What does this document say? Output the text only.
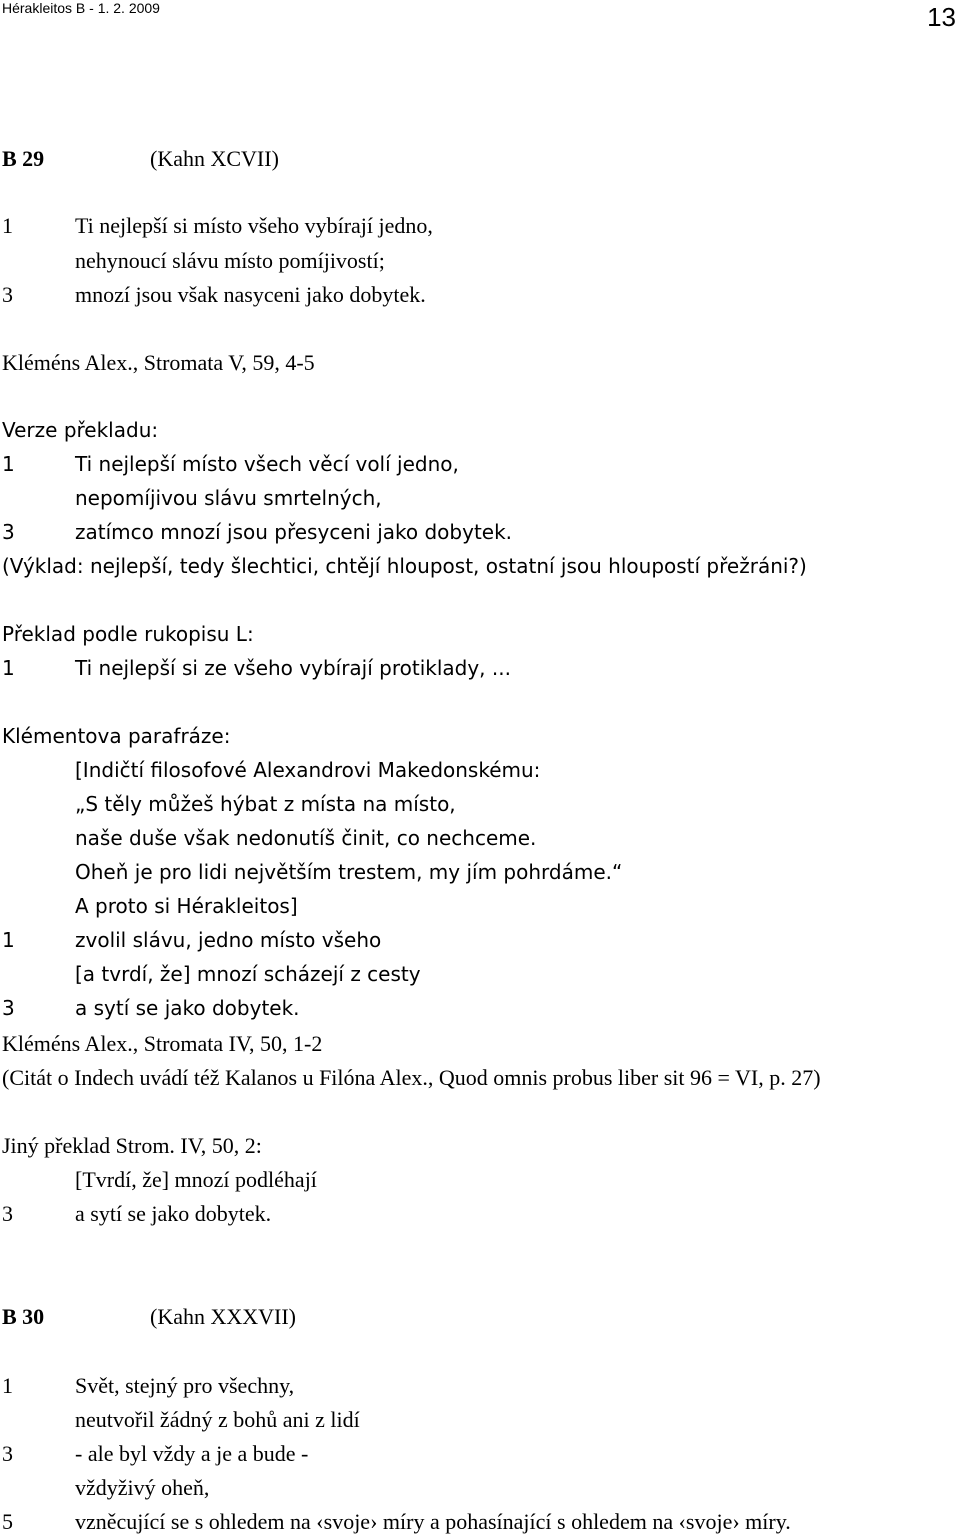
Hérakleitos B - 1. 2. 2009	13
B 29	(Kahn XCVII)
1	Ti nejlepší si místo všeho vybírají jedno,
nehynoucí slávu místo pomíjivostí;
3	mnozí jsou však nasyceni jako dobytek.
Kléméns Alex., Stromata V, 59, 4-5
Verze překladu:
1	Ti nejlepší místo všech věcí volí jedno,
nepomíjivou slávu smrtelných,
3	zatímco mnozí jsou přesyceni jako dobytek.
(Výklad: nejlepší, tedy šlechtici, chtějí hloupost, ostatní jsou hloupostí přežráni?)
Překlad podle rukopisu L:
1	Ti nejlepší si ze všeho vybírají protiklady, ...
Klémentova parafráze:
[Indičtí filosofové Alexandrovi Makedonskému:
„S těly můžeš hýbat z místa na místo,
naše duše však nedonutíš činit, co nechceme.
Oheň je pro lidi největším trestem, my jím pohrdáme.“
A proto si Hérakleitos]
1	zvolil slávu, jedno místo všeho
[a tvrdí, že] mnozí scházejí z cesty
3	a sytí se jako dobytek.
Kléméns Alex., Stromata IV, 50, 1-2
(Citát o Indech uvádí též Kalanos u Filóna Alex., Quod omnis probus liber sit 96 = VI, p. 27)
Jiný překlad Strom. IV, 50, 2:
[Tvrdí, že] mnozí podléhají
3	a sytí se jako dobytek.
B 30	(Kahn XXXVII)
1	Svět, stejný pro všechny,
neutvořil žádný z bohů ani z lidí
3	- ale byl vždy a je a bude -
vždyživý oheň,
5	vzněcující se s ohledem na ‹svoje› míry a pohasínající s ohledem na ‹svoje› míry.
